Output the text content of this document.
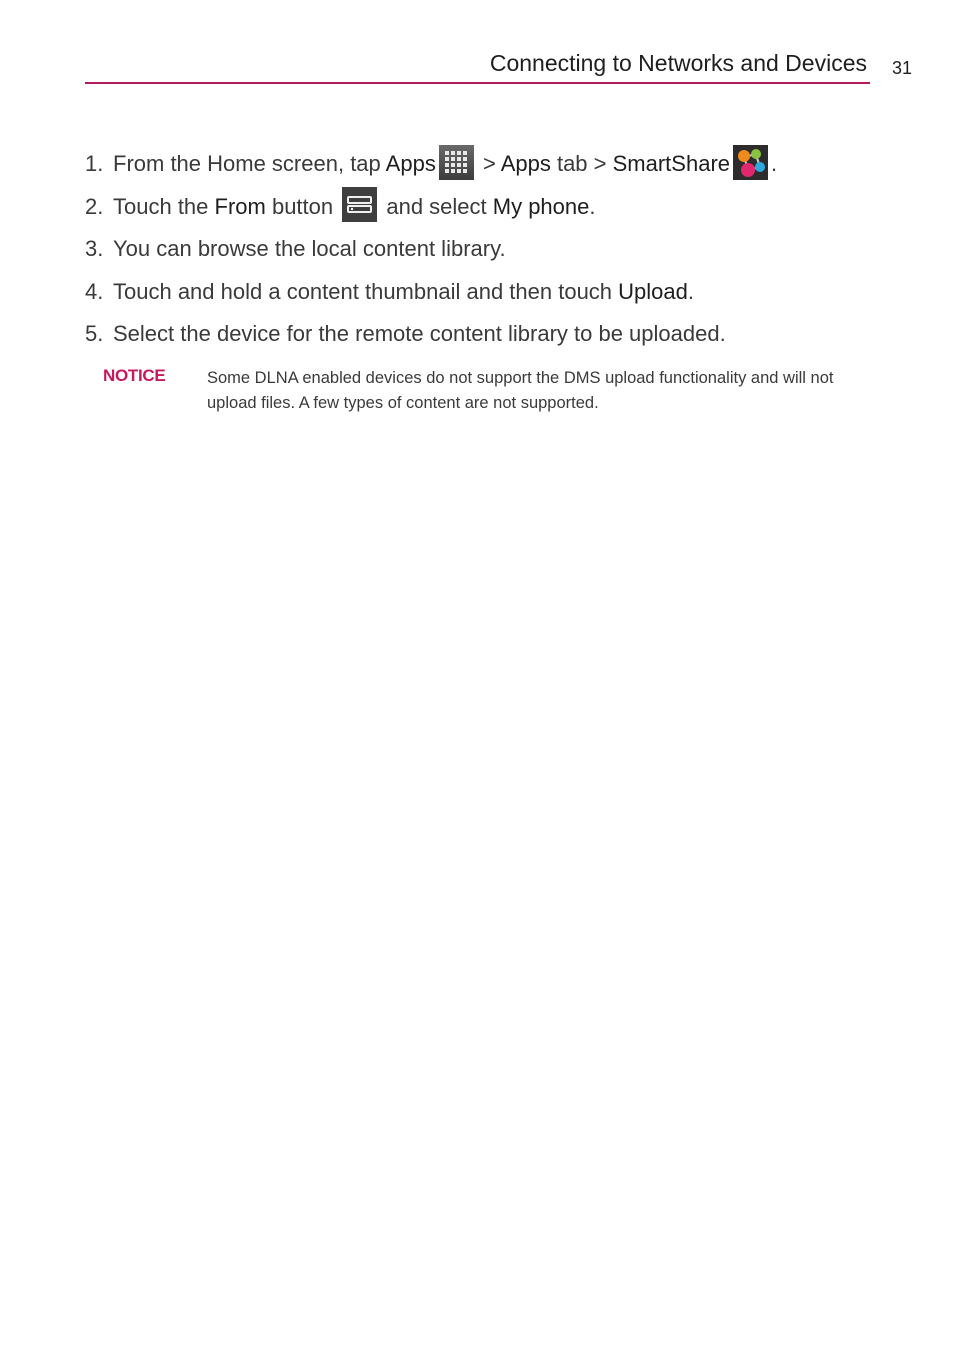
Connecting to Networks and Devices 31
1. From the Home screen, tap Apps > Apps tab > SmartShare .
2. Touch the From button  and select My phone.
3. You can browse the local content library.
4. Touch and hold a content thumbnail and then touch Upload.
5. Select the device for the remote content library to be uploaded.
NOTICE	Some DLNA enabled devices do not support the DMS upload functionality and will not upload files. A few types of content are not supported.
